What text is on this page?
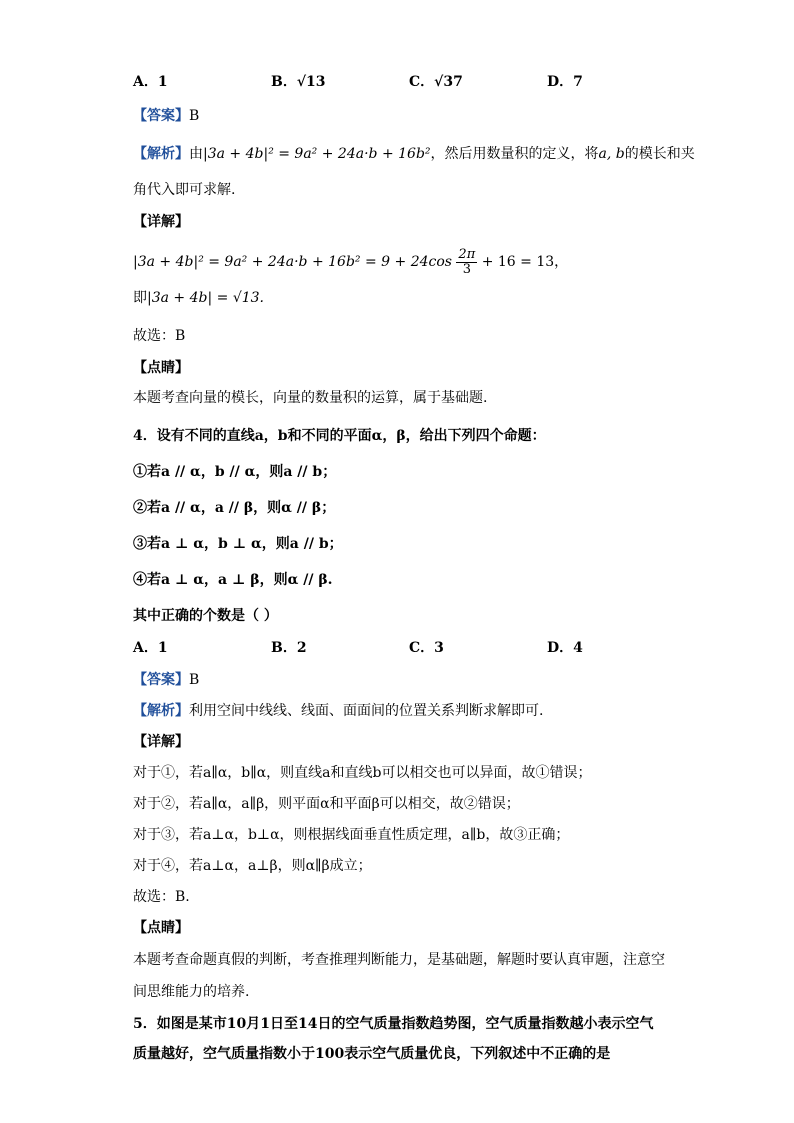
A．1	B．√13	C．√37	D．7
【答案】B
【解析】由|3a + 4b|² = 9a² + 24a·b + 16b²，然后用数量积的定义，将a, b的模长和夹
角代入即可求解.
【详解】
$|3a + 4b|^2 = 9a^2 + 24a\cdot b + 16b^2 = 9 + 24\cos \frac{2\pi}{3} + 16 = 13$，
即|3a + 4b| = √13.
故选：B
【点睛】
本题考查向量的模长，向量的数量积的运算，属于基础题.
4．设有不同的直线a，b和不同的平面α，β，给出下列四个命题：
①若a // α，b // α，则a // b；
②若a // α，a // β，则α // β；
③若a ⊥ α，b ⊥ α，则a // b；
④若a ⊥ α，a ⊥ β，则α // β.
其中正确的个数是（ ）
A．1	B．2	C．3	D．4
【答案】B
【解析】利用空间中线线、线面、面面间的位置关系判断求解即可.
【详解】
对于①，若a∥α，b∥α，则直线a和直线b可以相交也可以异面，故①错误；
对于②，若a∥α，a∥β，则平面α和平面β可以相交，故②错误；
对于③，若a⊥α，b⊥α，则根据线面垂直性质定理，a∥b，故③正确；
对于④，若a⊥α，a⊥β，则α∥β成立；
故选：B.
【点睛】
本题考查命题真假的判断，考查推理判断能力，是基础题，解题时要认真审题，注意空
间思维能力的培养.
5．如图是某市10月1日至14日的空气质量指数趋势图，空气质量指数越小表示空气
质量越好，空气质量指数小于100表示空气质量优良，下列叙述中不正确的是
